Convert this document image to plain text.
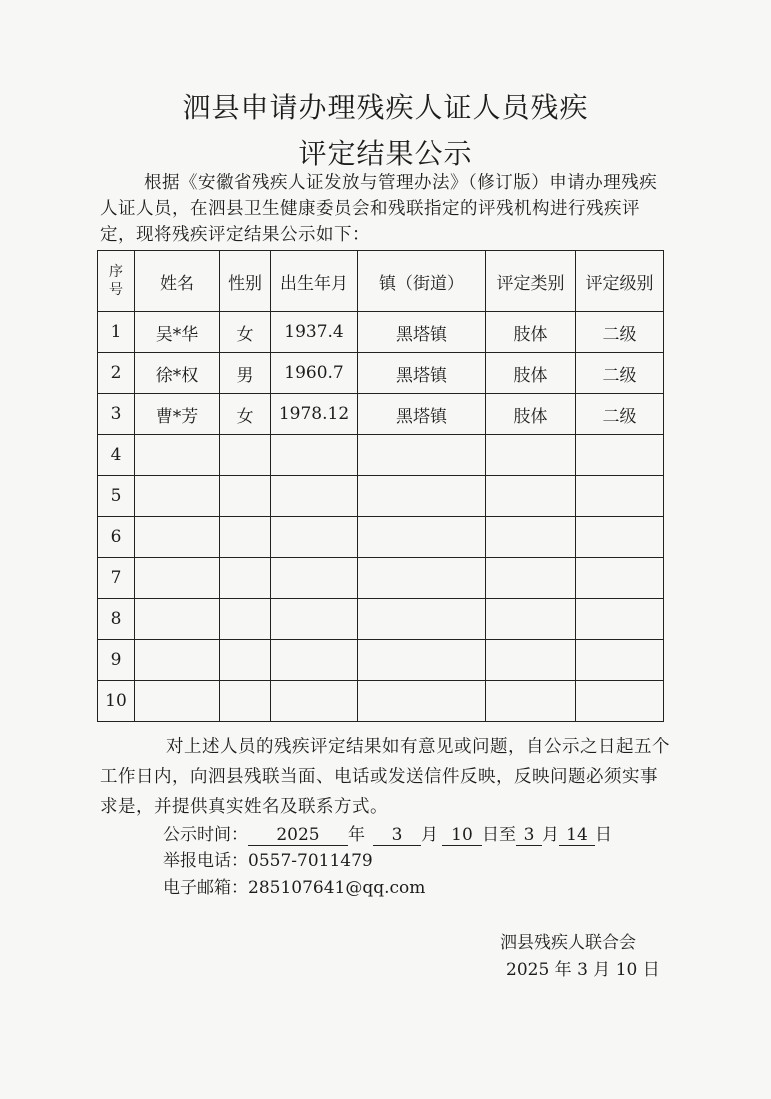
泗县申请办理残疾人证人员残疾
评定结果公示
根据《安徽省残疾人证发放与管理办法》（修订版）申请办理残疾人证人员，在泗县卫生健康委员会和残联指定的评残机构进行残疾评定，现将残疾评定结果公示如下：
序号	姓名	性别	出生年月	镇（街道）	评定类别	评定级别
1	吴*华	女	1937.4	黑塔镇	肢体	二级
2	徐*权	男	1960.7	黑塔镇	肢体	二级
3	曹*芳	女	1978.12	黑塔镇	肢体	二级
4						
5						
6						
7						
8						
9						
10						
对上述人员的残疾评定结果如有意见或问题，自公示之日起五个工作日内，向泗县残联当面、电话或发送信件反映，反映问题必须实事求是，并提供真实姓名及联系方式。
公示时间： 2025 年 3 月 10 日至 3 月 14 日
举报电话：0557-7011479
电子邮箱：285107641@qq.com
泗县残疾人联合会
2025 年 3 月 10 日
